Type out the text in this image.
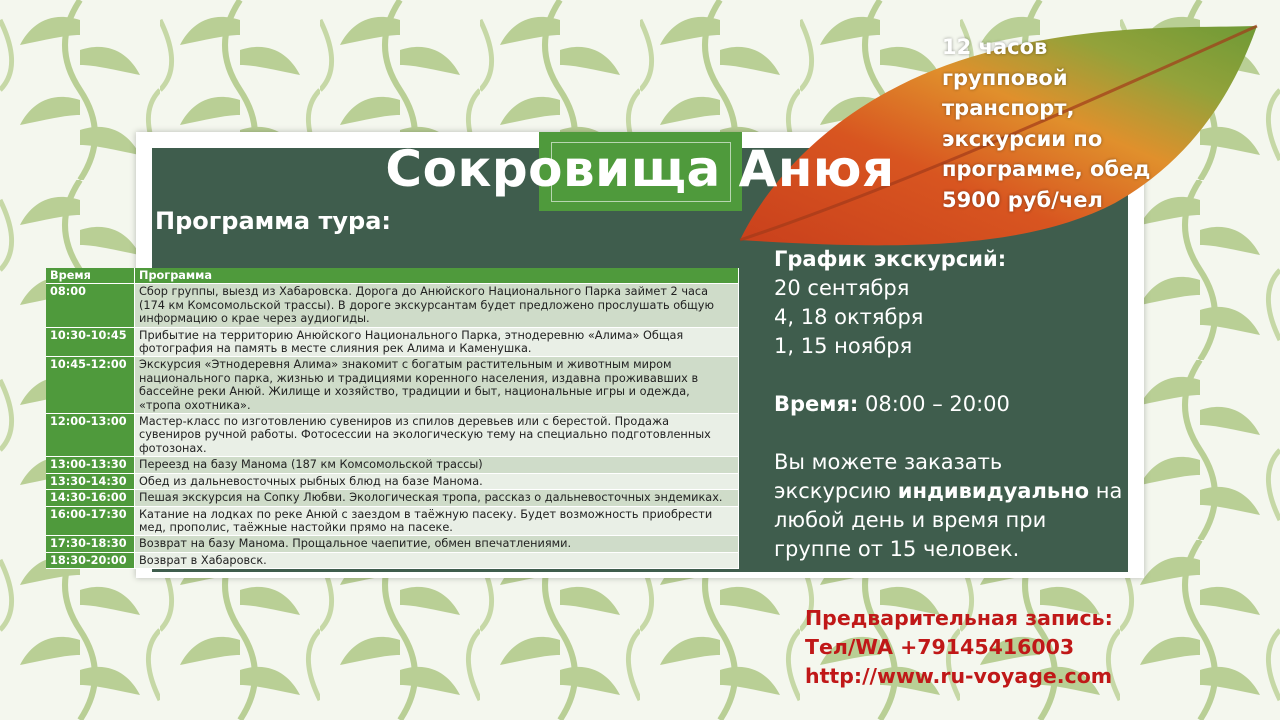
Сокровища Анюя
Программа тура:
12 часов
групповой
транспорт,
экскурсии по
программе, обед
5900 руб/чел
График экскурсий:
20 сентября
4, 18 октября
1, 15 ноября
Время: 08:00 – 20:00
Вы можете заказать экскурсию индивидуально на любой день и время при группе от 15 человек.
Предварительная запись:
Тел/WA +79145416003
http://www.ru-voyage.com
Время	Программа
08:00	Сбор группы, выезд из Хабаровска. Дорога до Анюйского Национального Парка займет 2 часа (174 км Комсомольской трассы). В дороге экскурсантам будет предложено прослушать общую информацию о крае через аудиогиды.
10:30-10:45	Прибытие на территорию Анюйского Национального Парка, этнодеревню «Алима» Общая фотография на память в месте слияния рек Алима и Каменушка.
10:45-12:00	Экскурсия «Этнодеревня Алима» знакомит с богатым растительным и животным миром национального парка, жизнью и традициями коренного населения, издавна проживавших в бассейне реки Анюй. Жилище и хозяйство, традиции и быт, национальные игры и одежда, «тропа охотника».
12:00-13:00	Мастер-класс по изготовлению сувениров из спилов деревьев или с берестой. Продажа сувениров ручной работы. Фотосессии на экологическую тему на специально подготовленных фотозонах.
13:00-13:30	Переезд на базу Манома (187 км Комсомольской трассы)
13:30-14:30	Обед из дальневосточных рыбных блюд на базе Манома.
14:30-16:00	Пешая экскурсия на Сопку Любви. Экологическая тропа, рассказ о дальневосточных эндемиках.
16:00-17:30	Катание на лодках по реке Анюй с заездом в таёжную пасеку. Будет возможность приобрести мед, прополис, таёжные настойки прямо на пасеке.
17:30-18:30	Возврат на базу Манома. Прощальное чаепитие, обмен впечатлениями.
18:30-20:00	Возврат в Хабаровск.
